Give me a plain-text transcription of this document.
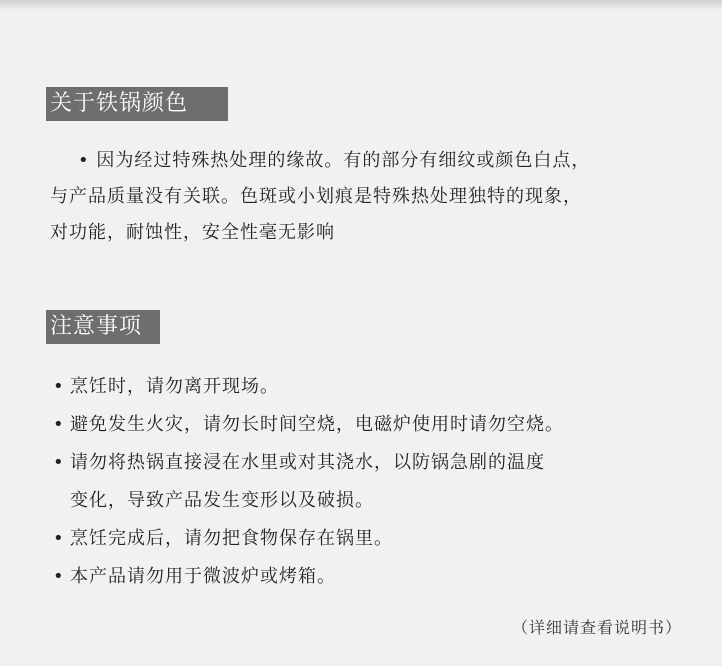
关于铁锅颜色
• 因为经过特殊热处理的缘故。有的部分有细纹或颜色白点，
与产品质量没有关联。色斑或小划痕是特殊热处理独特的现象，
对功能，耐蚀性，安全性毫无影响
注意事项
• 烹饪时，请勿离开现场。
• 避免发生火灾，请勿长时间空烧，电磁炉使用时请勿空烧。
• 请勿将热锅直接浸在水里或对其浇水，以防锅急剧的温度
变化，导致产品发生变形以及破损。
• 烹饪完成后，请勿把食物保存在锅里。
• 本产品请勿用于微波炉或烤箱。
（详细请查看说明书）
